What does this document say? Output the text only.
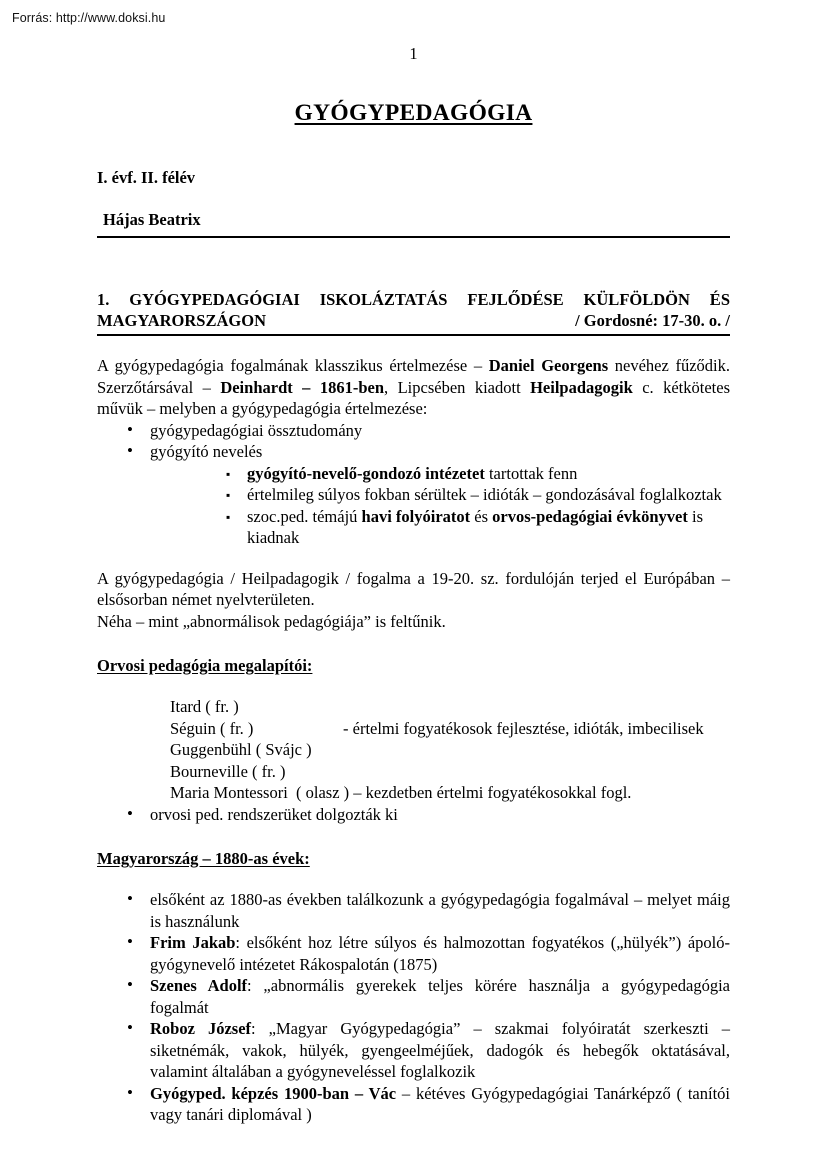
Forrás: http://www.doksi.hu
1
GYÓGYPEDAGÓGIA
I. évf. II. félév
Hájas Beatrix
1. GYÓGYPEDAGÓGIAI ISKOLÁZTATÁS FEJLŐDÉSE KÜLFÖLDÖN ÉS
MAGYARORSZÁGON	/ Gordosné: 17-30. o. /

A gyógypedagógia fogalmának klasszikus értelmezése – Daniel Georgens nevéhez fűződik. Szerzőtársával – Deinhardt – 1861-ben, Lipcsében kiadott Heilpadagogik c. kétkötetes művük – melyben a gyógypedagógia értelmezése:

• gyógypedagógiai össztudomány
• gyógyító nevelés
▪ gyógyító-nevelő-gondozó intézetet tartottak fenn
▪ értelmileg súlyos fokban sérültek – idióták – gondozásával foglalkoztak
▪ szoc.ped. témájú havi folyóiratot és orvos-pedagógiai évkönyvet is kiadnak

A gyógypedagógia / Heilpadagogik / fogalma a 19-20. sz. fordulóján terjed el Európában – elsősorban német nyelvterületen.

Néha – mint „abnormálisok pedagógiája” is feltűnik.

Orvosi pedagógia megalapítói:
Itard ( fr. )
Séguin ( fr. )	- értelmi fogyatékosok fejlesztése, idióták, imbecilisek
Guggenbühl ( Svájc )
Bourneville ( fr. )
Maria Montessori  ( olasz ) – kezdetben értelmi fogyatékosokkal fogl.
• orvosi ped. rendszerüket dolgozták ki
Magyarország – 1880-as évek:
• elsőként az 1880-as években találkozunk a gyógypedagógia fogalmával – melyet máig is használunk
• Frim Jakab: elsőként hoz létre súlyos és halmozottan fogyatékos („hülyék”) ápoló-gyógynevelő intézetet Rákospalotán (1875)
• Szenes Adolf: „abnormális gyerekek teljes körére használja a gyógypedagógia fogalmát
• Roboz József: „Magyar Gyógypedagógia” – szakmai folyóiratát szerkeszti – siketnémák, vakok, hülyék, gyengeelméjűek, dadogók és hebegők oktatásával, valamint általában a gyógyneveléssel foglalkozik
• Gyógyped. képzés 1900-ban – Vác – kétéves Gyógypedagógiai Tanárképző ( tanítói vagy tanári diplomával )
